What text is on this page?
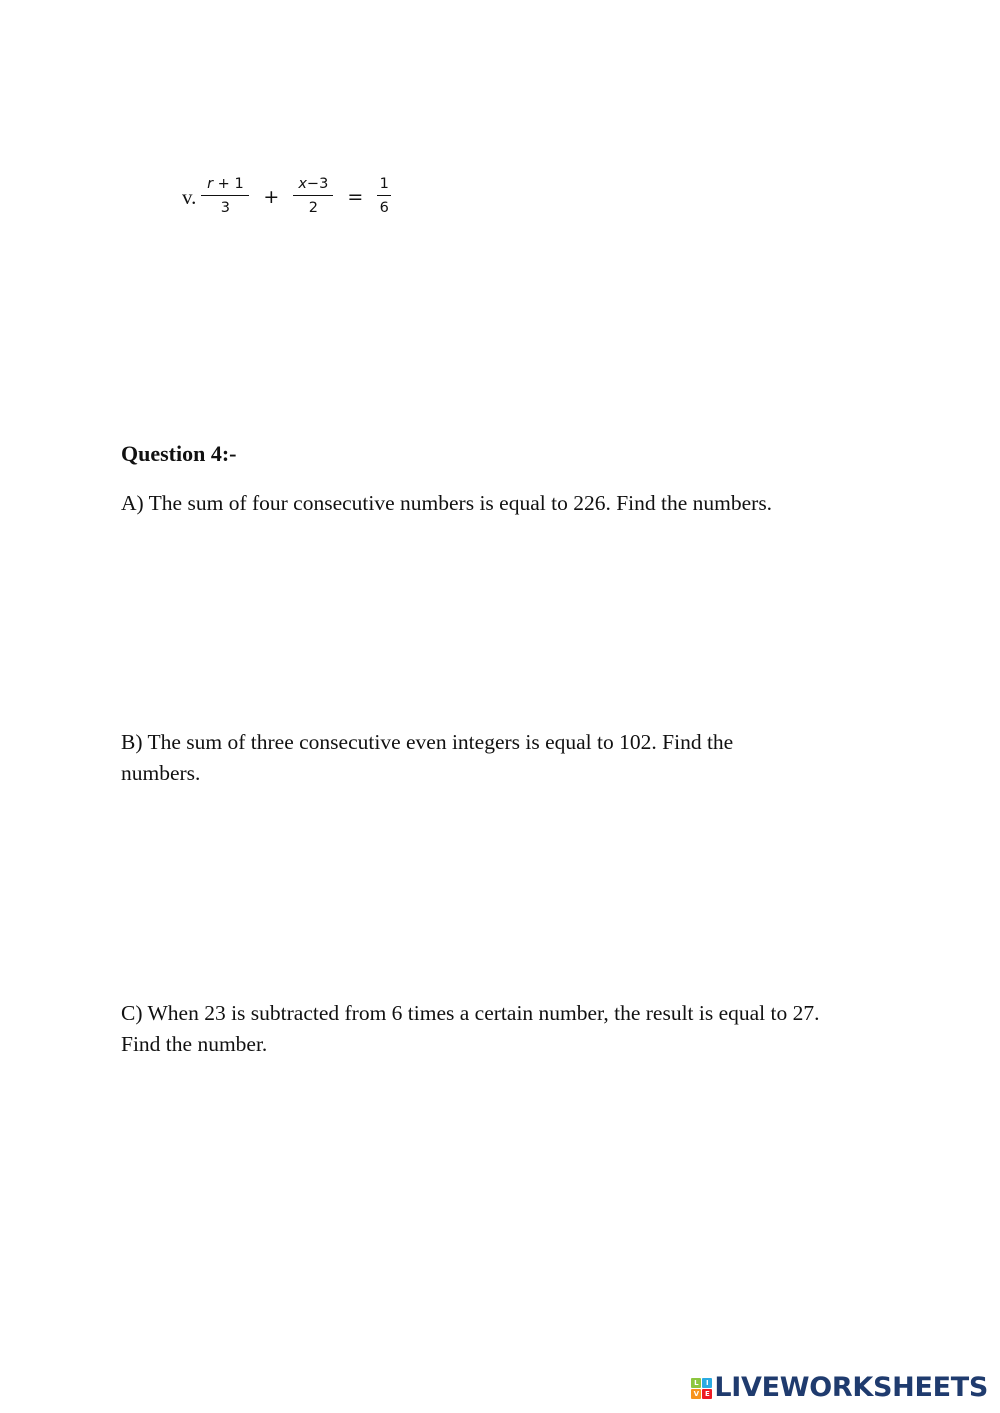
v. $\frac{r + 1}{3} + \frac{x-3}{2} = \frac{1}{6}$
Question 4:-
A) The sum of four consecutive numbers is equal to 226. Find the numbers.
B) The sum of three consecutive even integers is equal to 102. Find the numbers.
C) When 23 is subtracted from 6 times a certain number, the result is equal to 27. Find the number.
L	I
V E LIVEWORKSHEETS
